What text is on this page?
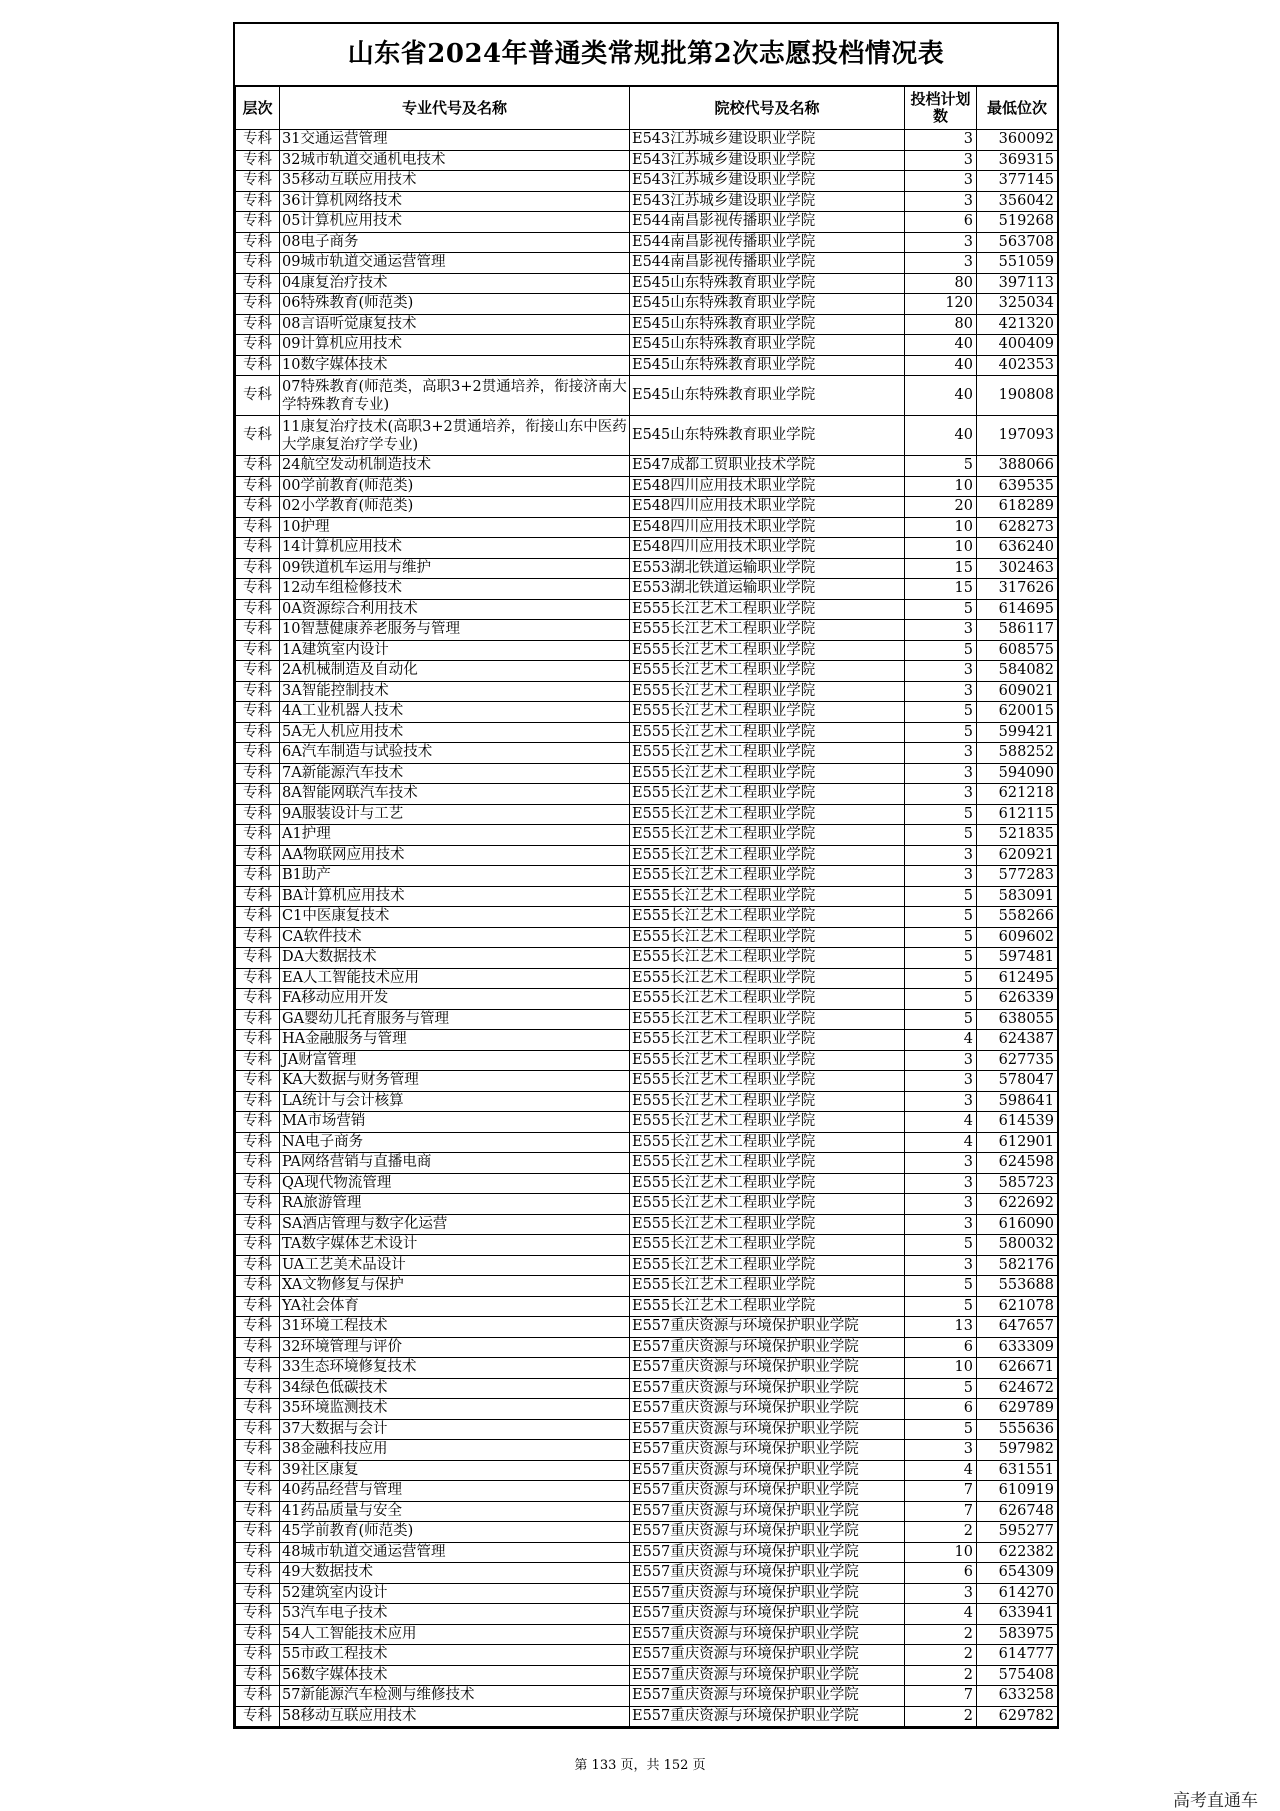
山东省2024年普通类常规批第2次志愿投档情况表
层次	专业代号及名称	院校代号及名称	投档计划数	最低位次
专科	31交通运营管理	E543江苏城乡建设职业学院	3	360092
专科	32城市轨道交通机电技术	E543江苏城乡建设职业学院	3	369315
专科	35移动互联应用技术	E543江苏城乡建设职业学院	3	377145
专科	36计算机网络技术	E543江苏城乡建设职业学院	3	356042
专科	05计算机应用技术	E544南昌影视传播职业学院	6	519268
专科	08电子商务	E544南昌影视传播职业学院	3	563708
专科	09城市轨道交通运营管理	E544南昌影视传播职业学院	3	551059
专科	04康复治疗技术	E545山东特殊教育职业学院	80	397113
专科	06特殊教育(师范类)	E545山东特殊教育职业学院	120	325034
专科	08言语听觉康复技术	E545山东特殊教育职业学院	80	421320
专科	09计算机应用技术	E545山东特殊教育职业学院	40	400409
专科	10数字媒体技术	E545山东特殊教育职业学院	40	402353
专科	07特殊教育(师范类，高职3+2贯通培养，衔接济南大学特殊教育专业)	E545山东特殊教育职业学院	40	190808
专科	11康复治疗技术(高职3+2贯通培养，衔接山东中医药大学康复治疗学专业)	E545山东特殊教育职业学院	40	197093
专科	24航空发动机制造技术	E547成都工贸职业技术学院	5	388066
专科	00学前教育(师范类)	E548四川应用技术职业学院	10	639535
专科	02小学教育(师范类)	E548四川应用技术职业学院	20	618289
专科	10护理	E548四川应用技术职业学院	10	628273
专科	14计算机应用技术	E548四川应用技术职业学院	10	636240
专科	09铁道机车运用与维护	E553湖北铁道运输职业学院	15	302463
专科	12动车组检修技术	E553湖北铁道运输职业学院	15	317626
专科	0A资源综合利用技术	E555长江艺术工程职业学院	5	614695
专科	10智慧健康养老服务与管理	E555长江艺术工程职业学院	3	586117
专科	1A建筑室内设计	E555长江艺术工程职业学院	5	608575
专科	2A机械制造及自动化	E555长江艺术工程职业学院	3	584082
专科	3A智能控制技术	E555长江艺术工程职业学院	3	609021
专科	4A工业机器人技术	E555长江艺术工程职业学院	5	620015
专科	5A无人机应用技术	E555长江艺术工程职业学院	5	599421
专科	6A汽车制造与试验技术	E555长江艺术工程职业学院	3	588252
专科	7A新能源汽车技术	E555长江艺术工程职业学院	3	594090
专科	8A智能网联汽车技术	E555长江艺术工程职业学院	3	621218
专科	9A服装设计与工艺	E555长江艺术工程职业学院	5	612115
专科	A1护理	E555长江艺术工程职业学院	5	521835
专科	AA物联网应用技术	E555长江艺术工程职业学院	3	620921
专科	B1助产	E555长江艺术工程职业学院	3	577283
专科	BA计算机应用技术	E555长江艺术工程职业学院	5	583091
专科	C1中医康复技术	E555长江艺术工程职业学院	5	558266
专科	CA软件技术	E555长江艺术工程职业学院	5	609602
专科	DA大数据技术	E555长江艺术工程职业学院	5	597481
专科	EA人工智能技术应用	E555长江艺术工程职业学院	5	612495
专科	FA移动应用开发	E555长江艺术工程职业学院	5	626339
专科	GA婴幼儿托育服务与管理	E555长江艺术工程职业学院	5	638055
专科	HA金融服务与管理	E555长江艺术工程职业学院	4	624387
专科	JA财富管理	E555长江艺术工程职业学院	3	627735
专科	KA大数据与财务管理	E555长江艺术工程职业学院	3	578047
专科	LA统计与会计核算	E555长江艺术工程职业学院	3	598641
专科	MA市场营销	E555长江艺术工程职业学院	4	614539
专科	NA电子商务	E555长江艺术工程职业学院	4	612901
专科	PA网络营销与直播电商	E555长江艺术工程职业学院	3	624598
专科	QA现代物流管理	E555长江艺术工程职业学院	3	585723
专科	RA旅游管理	E555长江艺术工程职业学院	3	622692
专科	SA酒店管理与数字化运营	E555长江艺术工程职业学院	3	616090
专科	TA数字媒体艺术设计	E555长江艺术工程职业学院	5	580032
专科	UA工艺美术品设计	E555长江艺术工程职业学院	3	582176
专科	XA文物修复与保护	E555长江艺术工程职业学院	5	553688
专科	YA社会体育	E555长江艺术工程职业学院	5	621078
专科	31环境工程技术	E557重庆资源与环境保护职业学院	13	647657
专科	32环境管理与评价	E557重庆资源与环境保护职业学院	6	633309
专科	33生态环境修复技术	E557重庆资源与环境保护职业学院	10	626671
专科	34绿色低碳技术	E557重庆资源与环境保护职业学院	5	624672
专科	35环境监测技术	E557重庆资源与环境保护职业学院	6	629789
专科	37大数据与会计	E557重庆资源与环境保护职业学院	5	555636
专科	38金融科技应用	E557重庆资源与环境保护职业学院	3	597982
专科	39社区康复	E557重庆资源与环境保护职业学院	4	631551
专科	40药品经营与管理	E557重庆资源与环境保护职业学院	7	610919
专科	41药品质量与安全	E557重庆资源与环境保护职业学院	7	626748
专科	45学前教育(师范类)	E557重庆资源与环境保护职业学院	2	595277
专科	48城市轨道交通运营管理	E557重庆资源与环境保护职业学院	10	622382
专科	49大数据技术	E557重庆资源与环境保护职业学院	6	654309
专科	52建筑室内设计	E557重庆资源与环境保护职业学院	3	614270
专科	53汽车电子技术	E557重庆资源与环境保护职业学院	4	633941
专科	54人工智能技术应用	E557重庆资源与环境保护职业学院	2	583975
专科	55市政工程技术	E557重庆资源与环境保护职业学院	2	614777
专科	56数字媒体技术	E557重庆资源与环境保护职业学院	2	575408
专科	57新能源汽车检测与维修技术	E557重庆资源与环境保护职业学院	7	633258
专科	58移动互联应用技术	E557重庆资源与环境保护职业学院	2	629782
第 133 页，共 152 页
高考直通车
